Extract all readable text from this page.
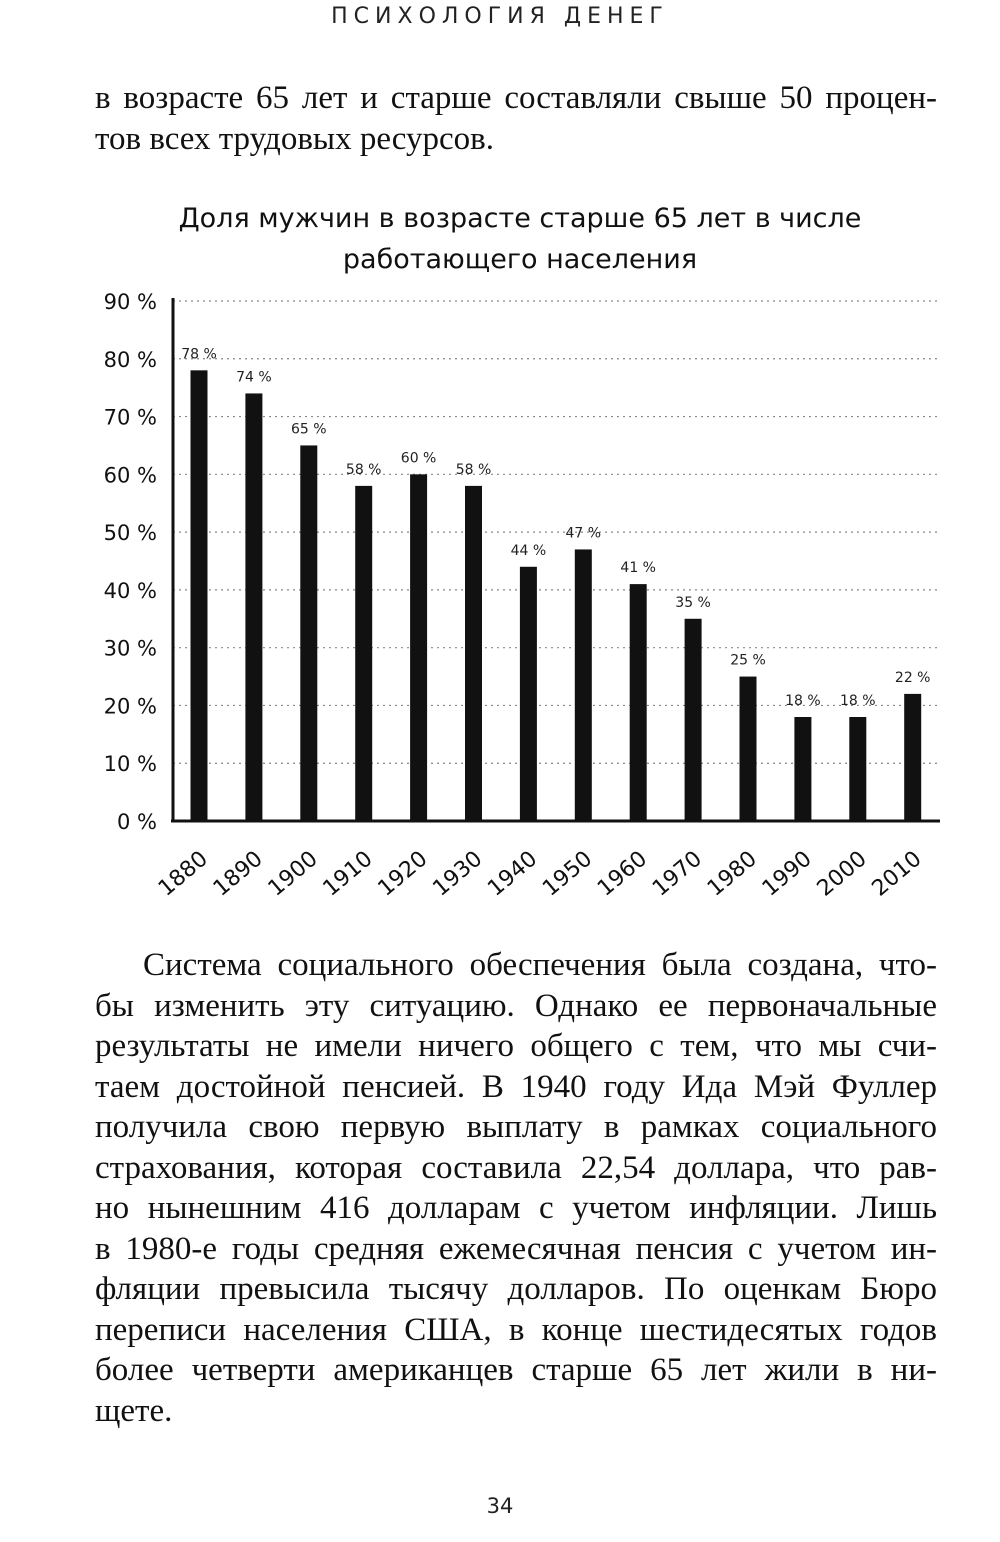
ПСИХОЛОГИЯ ДЕНЕГ
в возрасте 65 лет и старше составляли свыше 50 процен-
тов всех трудовых ресурсов.
Доля мужчин в возрасте старше 65 лет в числе
работающего населения
0 %
10 %
20 %
30 %
40 %
50 %
60 %
70 %
80 %
90 %
78 %
1880
74 %
1890
65 %
1900
58 %
1910
60 %
1920
58 %
1930
44 %
1940
47 %
1950
41 %
1960
35 %
1970
25 %
1980
18 %
1990
18 %
2000
22 %
2010
Система социального обеспечения была создана, что-
бы изменить эту ситуацию. Однако ее первоначальные
результаты не имели ничего общего с тем, что мы счи-
таем достойной пенсией. В 1940 году Ида Мэй Фуллер
получила свою первую выплату в рамках социального
страхования, которая составила 22,54 доллара, что рав-
но нынешним 416 долларам с учетом инфляции. Лишь
в 1980-е годы средняя ежемесячная пенсия с учетом ин-
фляции превысила тысячу долларов. По оценкам Бюро
переписи населения США, в конце шестидесятых годов
более четверти американцев старше 65 лет жили в ни-
щете.
34
